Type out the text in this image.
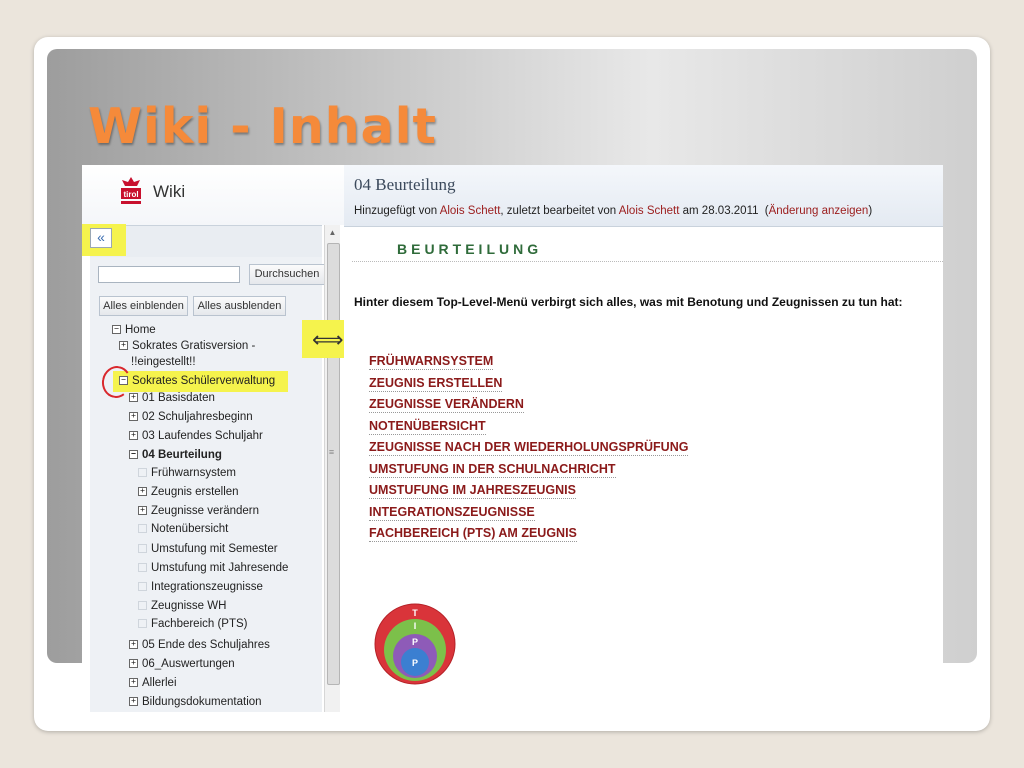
Wiki - Inhalt
tirol Wiki
«
Durchsuchen
Alles einblenden	Alles ausblenden
− Home
+ Sokrates Gratisversion -
!!eingestellt!!
− Sokrates Schülerverwaltung
+ 01 Basisdaten
+ 02 Schuljahresbeginn
+ 03 Laufendes Schuljahr
− 04 Beurteilung
Frühwarnsystem
+ Zeugnis erstellen
+ Zeugnisse verändern
Notenübersicht
Umstufung mit Semester
Umstufung mit Jahresende
Integrationszeugnisse
Zeugnisse WH
Fachbereich (PTS)
+ 05 Ende des Schuljahres
+ 06_Auswertungen
+ Allerlei
+ Bildungsdokumentation
▲
≡
⟺
04 Beurteilung
Hinzugefügt von Alois Schett, zuletzt bearbeitet von Alois Schett am 28.03.2011 (Änderung anzeigen)
BEURTEILUNG
Hinter diesem Top-Level-Menü verbirgt sich alles, was mit Benotung und Zeugnissen zu tun hat:
FRÜHWARNSYSTEM
ZEUGNIS ERSTELLEN
ZEUGNISSE VERÄNDERN
NOTENÜBERSICHT
ZEUGNISSE NACH DER WIEDERHOLUNGSPRÜFUNG
UMSTUFUNG IN DER SCHULNACHRICHT
UMSTUFUNG IM JAHRESZEUGNIS
INTEGRATIONSZEUGNISSE
FACHBEREICH (PTS) AM ZEUGNIS
T
I
P
P
